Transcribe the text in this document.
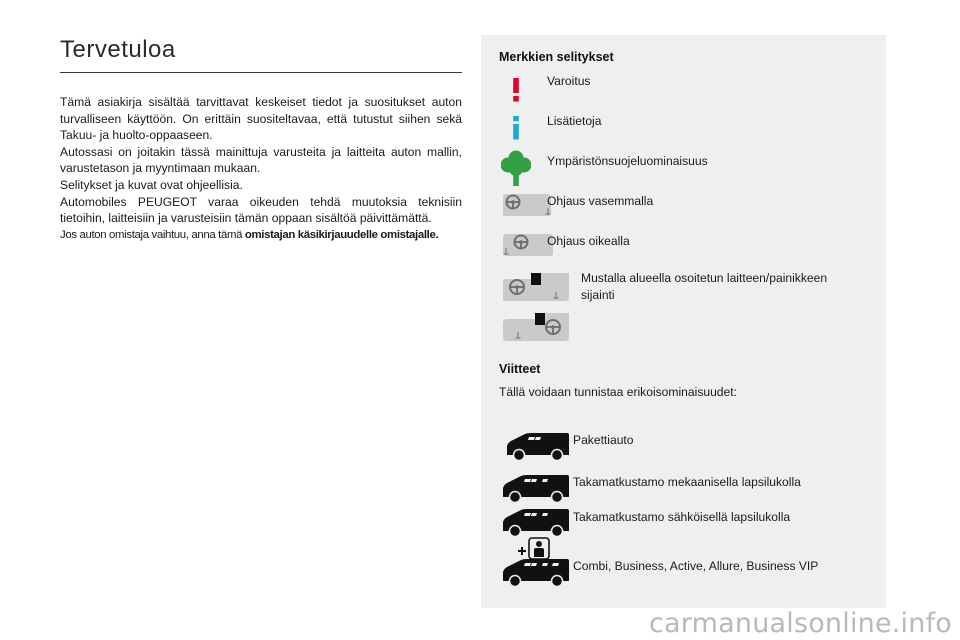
Tervetuloa

Tämä asiakirja sisältää tarvittavat keskeiset tiedot ja suositukset auton turvalliseen käyttöön. On erittäin suositeltavaa, että tutustut siihen sekä Takuu- ja huolto-oppaaseen.

Autossasi on joitakin tässä mainittuja varusteita ja laitteita auton mallin, varustetason ja myyntimaan mukaan.

Selitykset ja kuvat ovat ohjeellisia.

Automobiles PEUGEOT varaa oikeuden tehdä muutoksia teknisiin tietoihin, laitteisiin ja varusteisiin tämän oppaan sisältöä päivittämättä.

Jos auton omistaja vaihtuu, anna tämä omistajan käsikirjauudelle omistajalle.

Merkkien selitykset
Varoitus
Lisätietoja
Ympäristönsuojeluominaisuus
Ohjaus vasemmalla
Ohjaus oikealla
Mustalla alueella osoitetun laitteen/painikkeen sijainti
Viitteet
Tällä voidaan tunnistaa erikoisominaisuudet:
Pakettiauto
Takamatkustamo mekaanisella lapsilukolla
Takamatkustamo sähköisellä lapsilukolla
Combi, Business, Active, Allure, Business VIP
carmanualsonline.info
